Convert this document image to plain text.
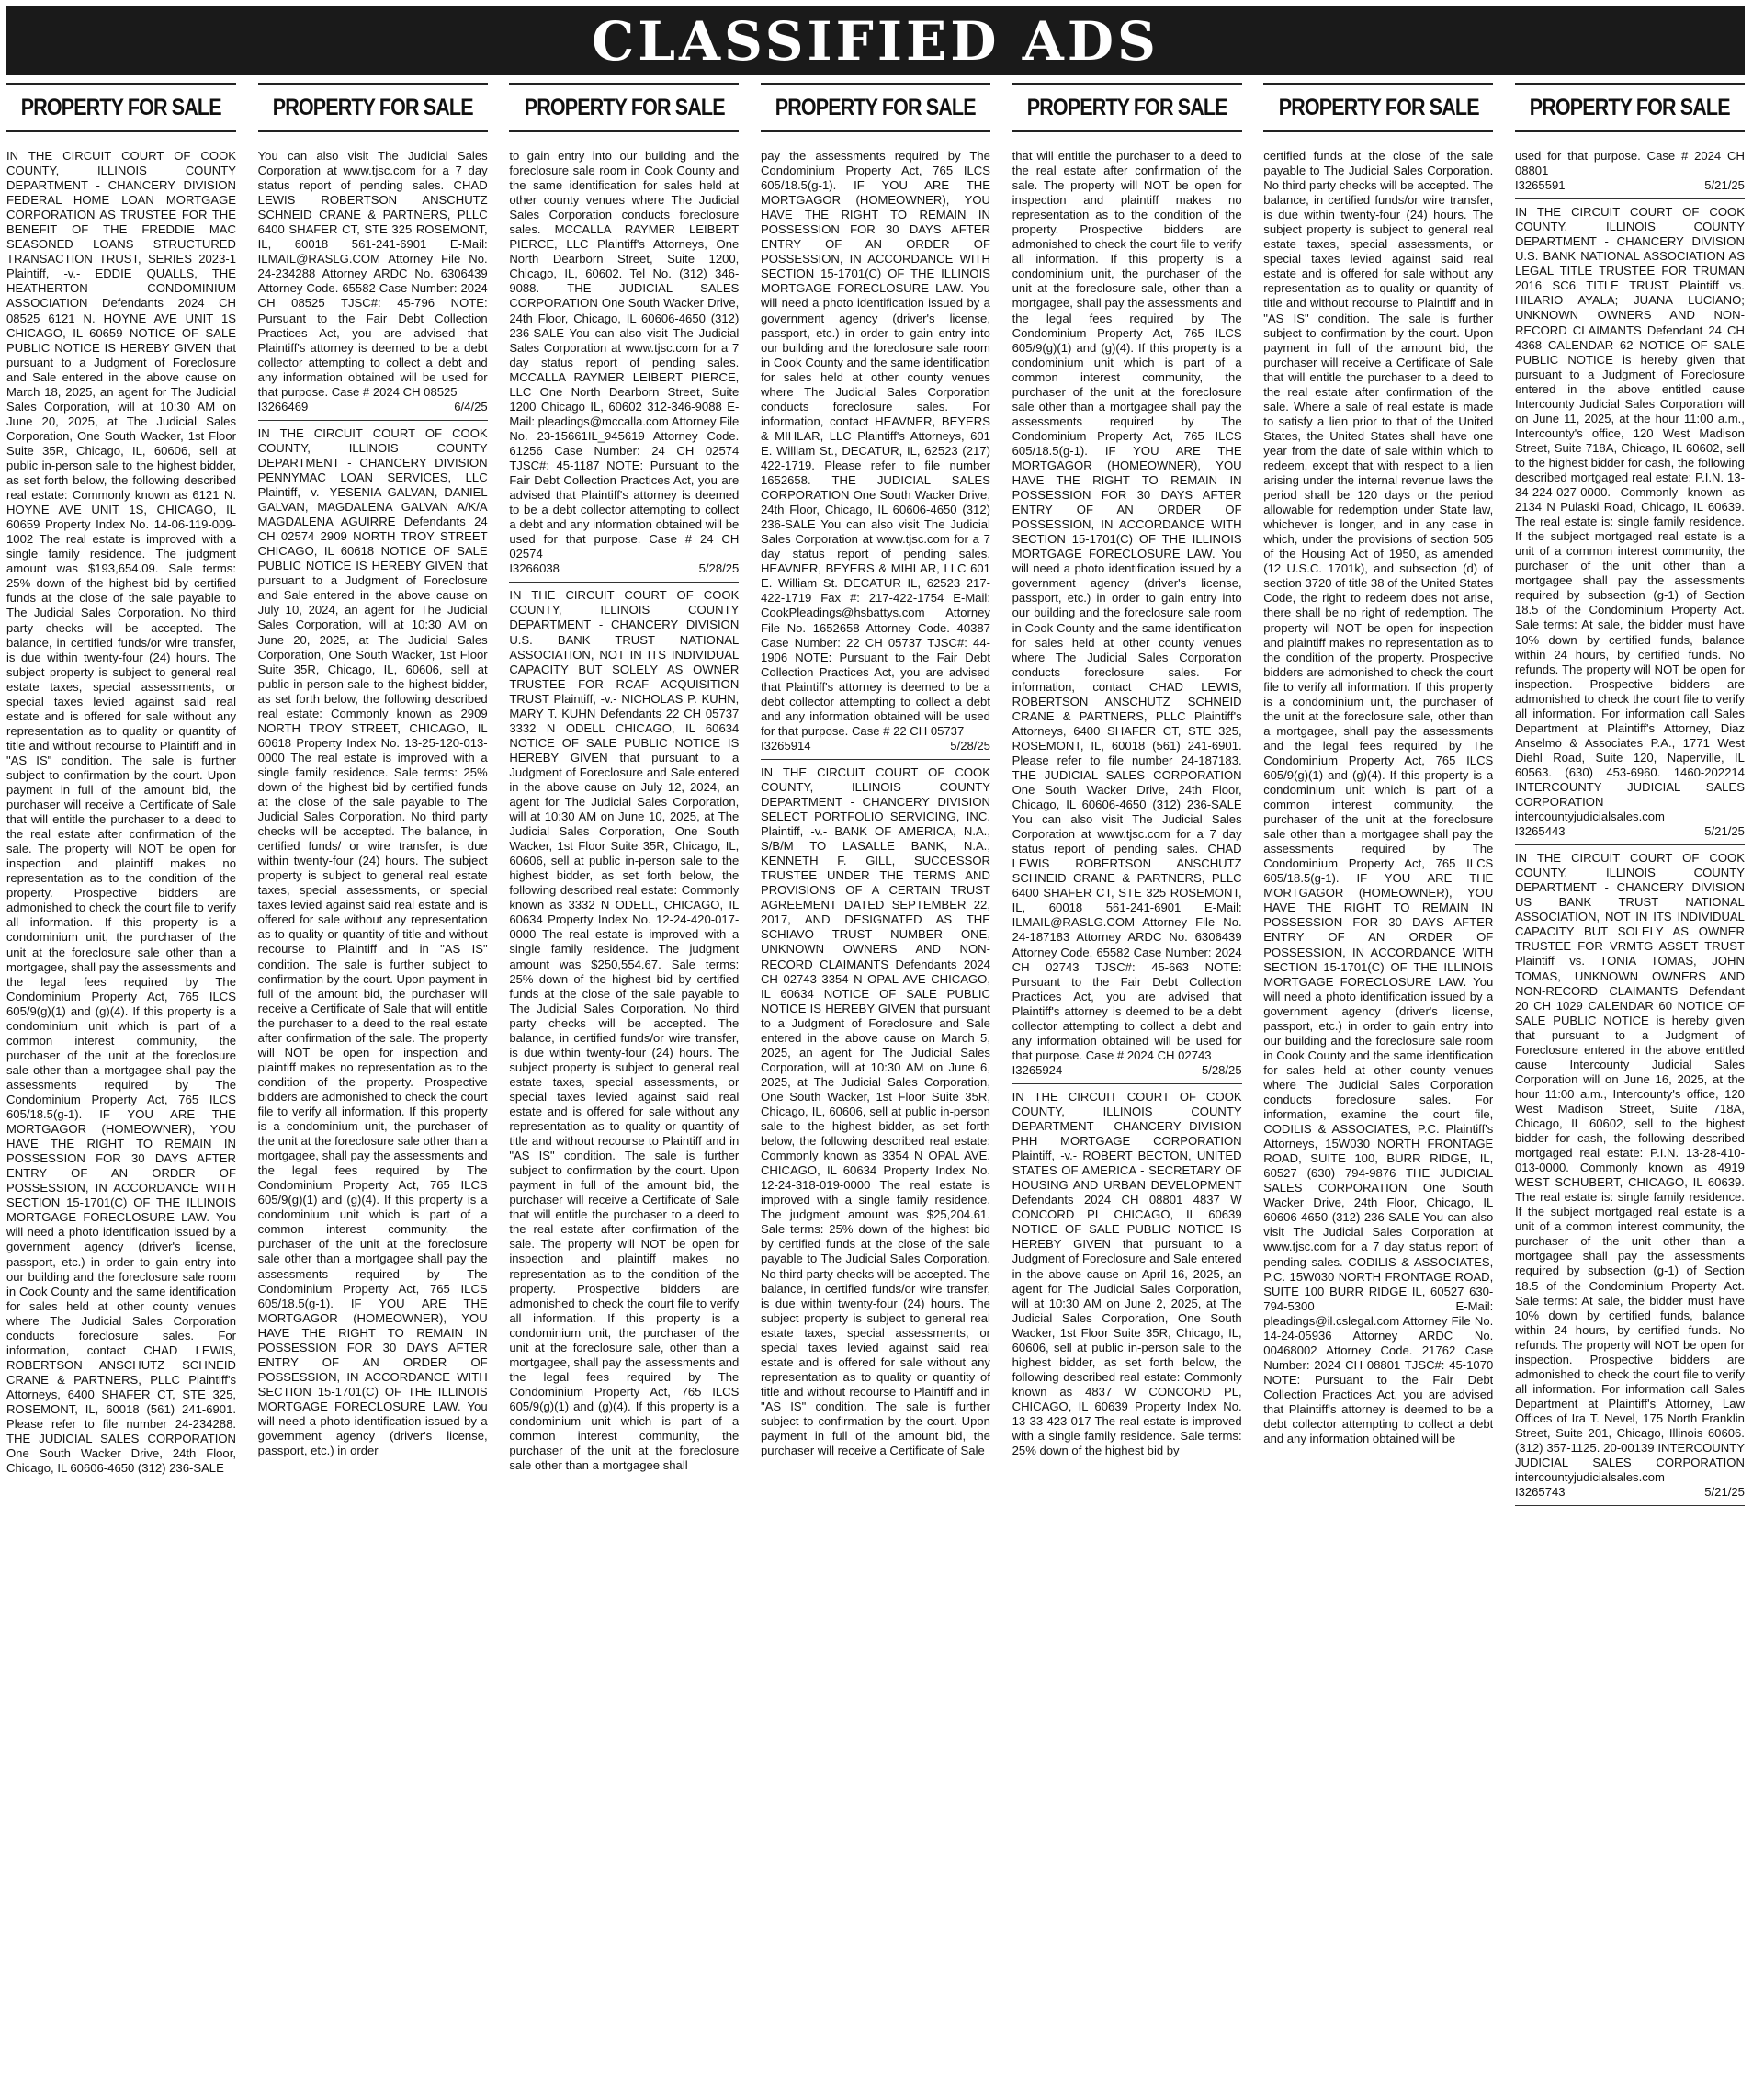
CLASSIFIED ADS
PROPERTY FOR SALE

IN THE CIRCUIT COURT OF COOK COUNTY, ILLINOIS COUNTY DEPARTMENT - CHANCERY DIVISION FEDERAL HOME LOAN MORTGAGE CORPORATION AS TRUSTEE FOR THE BENEFIT OF THE FREDDIE MAC SEASONED LOANS STRUCTURED TRANSACTION TRUST, SERIES 2023-1 Plaintiff, -v.- EDDIE QUALLS, THE HEATHERTON CONDOMINIUM ASSOCIATION Defendants 2024 CH 08525 6121 N. HOYNE AVE UNIT 1S CHICAGO, IL 60659 NOTICE OF SALE PUBLIC NOTICE IS HEREBY GIVEN that pursuant to a Judgment of Foreclosure and Sale entered in the above cause on March 18, 2025, an agent for The Judicial Sales Corporation, will at 10:30 AM on June 20, 2025, at The Judicial Sales Corporation, One South Wacker, 1st Floor Suite 35R, Chicago, IL, 60606, sell at public in-person sale to the highest bidder, as set forth below, the following described real estate: Commonly known as 6121 N. HOYNE AVE UNIT 1S, CHICAGO, IL 60659 Property Index No. 14-06-119-009-1002 The real estate is improved with a single family residence. The judgment amount was $193,654.09. Sale terms: 25% down of the highest bid by certified funds at the close of the sale payable to The Judicial Sales Corporation. No third party checks will be accepted. The balance, in certified funds/or wire transfer, is due within twenty-four (24) hours. The subject property is subject to general real estate taxes, special assessments, or special taxes levied against said real estate and is offered for sale without any representation as to quality or quantity of title and without recourse to Plaintiff and in "AS IS" condition. The sale is further subject to confirmation by the court. Upon payment in full of the amount bid, the purchaser will receive a Certificate of Sale that will entitle the purchaser to a deed to the real estate after confirmation of the sale. The property will NOT be open for inspection and plaintiff makes no representation as to the condition of the property. Prospective bidders are admonished to check the court file to verify all information. If this property is a condominium unit, the purchaser of the unit at the foreclosure sale other than a mortgagee, shall pay the assessments and the legal fees required by The Condominium Property Act, 765 ILCS 605/9(g)(1) and (g)(4). If this property is a condominium unit which is part of a common interest community, the purchaser of the unit at the foreclosure sale other than a mortgagee shall pay the assessments required by The Condominium Property Act, 765 ILCS 605/18.5(g-1). IF YOU ARE THE MORTGAGOR (HOMEOWNER), YOU HAVE THE RIGHT TO REMAIN IN POSSESSION FOR 30 DAYS AFTER ENTRY OF AN ORDER OF POSSESSION, IN ACCORDANCE WITH SECTION 15-1701(C) OF THE ILLINOIS MORTGAGE FORECLOSURE LAW. You will need a photo identification issued by a government agency (driver's license, passport, etc.) in order to gain entry into our building and the foreclosure sale room in Cook County and the same identification for sales held at other county venues where The Judicial Sales Corporation conducts foreclosure sales. For information, contact CHAD LEWIS, ROBERTSON ANSCHUTZ SCHNEID CRANE & PARTNERS, PLLC Plaintiff's Attorneys, 6400 SHAFER CT, STE 325, ROSEMONT, IL, 60018 (561) 241-6901. Please refer to file number 24-234288. THE JUDICIAL SALES CORPORATION One South Wacker Drive, 24th Floor, Chicago, IL 60606-4650 (312) 236-SALE

PROPERTY FOR SALE

You can also visit The Judicial Sales Corporation at www.tjsc.com for a 7 day status report of pending sales. CHAD LEWIS ROBERTSON ANSCHUTZ SCHNEID CRANE & PARTNERS, PLLC 6400 SHAFER CT, STE 325 ROSEMONT, IL, 60018 561-241-6901 E-Mail: ILMAIL@RASLG.COM Attorney File No. 24-234288 Attorney ARDC No. 6306439 Attorney Code. 65582 Case Number: 2024 CH 08525 TJSC#: 45-796 NOTE: Pursuant to the Fair Debt Collection Practices Act, you are advised that Plaintiff's attorney is deemed to be a debt collector attempting to collect a debt and any information obtained will be used for that purpose. Case # 2024 CH 08525

I3266469	6/4/25

IN THE CIRCUIT COURT OF COOK COUNTY, ILLINOIS COUNTY DEPARTMENT - CHANCERY DIVISION PENNYMAC LOAN SERVICES, LLC Plaintiff, -v.- YESENIA GALVAN, DANIEL GALVAN, MAGDALENA GALVAN A/K/A MAGDALENA AGUIRRE Defendants 24 CH 02574 2909 NORTH TROY STREET CHICAGO, IL 60618 NOTICE OF SALE PUBLIC NOTICE IS HEREBY GIVEN that pursuant to a Judgment of Foreclosure and Sale entered in the above cause on July 10, 2024, an agent for The Judicial Sales Corporation, will at 10:30 AM on June 20, 2025, at The Judicial Sales Corporation, One South Wacker, 1st Floor Suite 35R, Chicago, IL, 60606, sell at public in-person sale to the highest bidder, as set forth below, the following described real estate: Commonly known as 2909 NORTH TROY STREET, CHICAGO, IL 60618 Property Index No. 13-25-120-013-0000 The real estate is improved with a single family residence. Sale terms: 25% down of the highest bid by certified funds at the close of the sale payable to The Judicial Sales Corporation. No third party checks will be accepted. The balance, in certified funds/ or wire transfer, is due within twenty-four (24) hours. The subject property is subject to general real estate taxes, special assessments, or special taxes levied against said real estate and is offered for sale without any representation as to quality or quantity of title and without recourse to Plaintiff and in "AS IS" condition. The sale is further subject to confirmation by the court. Upon payment in full of the amount bid, the purchaser will receive a Certificate of Sale that will entitle the purchaser to a deed to the real estate after confirmation of the sale. The property will NOT be open for inspection and plaintiff makes no representation as to the condition of the property. Prospective bidders are admonished to check the court file to verify all information. If this property is a condominium unit, the purchaser of the unit at the foreclosure sale other than a mortgagee, shall pay the assessments and the legal fees required by The Condominium Property Act, 765 ILCS 605/9(g)(1) and (g)(4). If this property is a condominium unit which is part of a common interest community, the purchaser of the unit at the foreclosure sale other than a mortgagee shall pay the assessments required by The Condominium Property Act, 765 ILCS 605/18.5(g-1). IF YOU ARE THE MORTGAGOR (HOMEOWNER), YOU HAVE THE RIGHT TO REMAIN IN POSSESSION FOR 30 DAYS AFTER ENTRY OF AN ORDER OF POSSESSION, IN ACCORDANCE WITH SECTION 15-1701(C) OF THE ILLINOIS MORTGAGE FORECLOSURE LAW. You will need a photo identification issued by a government agency (driver's license, passport, etc.) in order

PROPERTY FOR SALE

to gain entry into our building and the foreclosure sale room in Cook County and the same identification for sales held at other county venues where The Judicial Sales Corporation conducts foreclosure sales. MCCALLA RAYMER LEIBERT PIERCE, LLC Plaintiff's Attorneys, One North Dearborn Street, Suite 1200, Chicago, IL, 60602. Tel No. (312) 346-9088. THE JUDICIAL SALES CORPORATION One South Wacker Drive, 24th Floor, Chicago, IL 60606-4650 (312) 236-SALE You can also visit The Judicial Sales Corporation at www.tjsc.com for a 7 day status report of pending sales. MCCALLA RAYMER LEIBERT PIERCE, LLC One North Dearborn Street, Suite 1200 Chicago IL, 60602 312-346-9088 E-Mail: pleadings@mccalla.com Attorney File No. 23-15661IL_945619 Attorney Code. 61256 Case Number: 24 CH 02574 TJSC#: 45-1187 NOTE: Pursuant to the Fair Debt Collection Practices Act, you are advised that Plaintiff's attorney is deemed to be a debt collector attempting to collect a debt and any information obtained will be used for that purpose. Case # 24 CH 02574

I3266038	5/28/25

IN THE CIRCUIT COURT OF COOK COUNTY, ILLINOIS COUNTY DEPARTMENT - CHANCERY DIVISION U.S. BANK TRUST NATIONAL ASSOCIATION, NOT IN ITS INDIVIDUAL CAPACITY BUT SOLELY AS OWNER TRUSTEE FOR RCAF ACQUISITION TRUST Plaintiff, -v.- NICHOLAS P. KUHN, MARY T. KUHN Defendants 22 CH 05737 3332 N ODELL CHICAGO, IL 60634 NOTICE OF SALE PUBLIC NOTICE IS HEREBY GIVEN that pursuant to a Judgment of Foreclosure and Sale entered in the above cause on July 12, 2024, an agent for The Judicial Sales Corporation, will at 10:30 AM on June 10, 2025, at The Judicial Sales Corporation, One South Wacker, 1st Floor Suite 35R, Chicago, IL, 60606, sell at public in-person sale to the highest bidder, as set forth below, the following described real estate: Commonly known as 3332 N ODELL, CHICAGO, IL 60634 Property Index No. 12-24-420-017-0000 The real estate is improved with a single family residence. The judgment amount was $250,554.67. Sale terms: 25% down of the highest bid by certified funds at the close of the sale payable to The Judicial Sales Corporation. No third party checks will be accepted. The balance, in certified funds/or wire transfer, is due within twenty-four (24) hours. The subject property is subject to general real estate taxes, special assessments, or special taxes levied against said real estate and is offered for sale without any representation as to quality or quantity of title and without recourse to Plaintiff and in "AS IS" condition. The sale is further subject to confirmation by the court. Upon payment in full of the amount bid, the purchaser will receive a Certificate of Sale that will entitle the purchaser to a deed to the real estate after confirmation of the sale. The property will NOT be open for inspection and plaintiff makes no representation as to the condition of the property. Prospective bidders are admonished to check the court file to verify all information. If this property is a condominium unit, the purchaser of the unit at the foreclosure sale, other than a mortgagee, shall pay the assessments and the legal fees required by The Condominium Property Act, 765 ILCS 605/9(g)(1) and (g)(4). If this property is a condominium unit which is part of a common interest community, the purchaser of the unit at the foreclosure sale other than a mortgagee shall

PROPERTY FOR SALE

pay the assessments required by The Condominium Property Act, 765 ILCS 605/18.5(g-1). IF YOU ARE THE MORTGAGOR (HOMEOWNER), YOU HAVE THE RIGHT TO REMAIN IN POSSESSION FOR 30 DAYS AFTER ENTRY OF AN ORDER OF POSSESSION, IN ACCORDANCE WITH SECTION 15-1701(C) OF THE ILLINOIS MORTGAGE FORECLOSURE LAW. You will need a photo identification issued by a government agency (driver's license, passport, etc.) in order to gain entry into our building and the foreclosure sale room in Cook County and the same identification for sales held at other county venues where The Judicial Sales Corporation conducts foreclosure sales. For information, contact HEAVNER, BEYERS & MIHLAR, LLC Plaintiff's Attorneys, 601 E. William St., DECATUR, IL, 62523 (217) 422-1719. Please refer to file number 1652658. THE JUDICIAL SALES CORPORATION One South Wacker Drive, 24th Floor, Chicago, IL 60606-4650 (312) 236-SALE You can also visit The Judicial Sales Corporation at www.tjsc.com for a 7 day status report of pending sales. HEAVNER, BEYERS & MIHLAR, LLC 601 E. William St. DECATUR IL, 62523 217-422-1719 Fax #: 217-422-1754 E-Mail: CookPleadings@hsbattys.com Attorney File No. 1652658 Attorney Code. 40387 Case Number: 22 CH 05737 TJSC#: 44-1906 NOTE: Pursuant to the Fair Debt Collection Practices Act, you are advised that Plaintiff's attorney is deemed to be a debt collector attempting to collect a debt and any information obtained will be used for that purpose. Case # 22 CH 05737

I3265914	5/28/25

IN THE CIRCUIT COURT OF COOK COUNTY, ILLINOIS COUNTY DEPARTMENT - CHANCERY DIVISION SELECT PORTFOLIO SERVICING, INC. Plaintiff, -v.- BANK OF AMERICA, N.A., S/B/M TO LASALLE BANK, N.A., KENNETH F. GILL, SUCCESSOR TRUSTEE UNDER THE TERMS AND PROVISIONS OF A CERTAIN TRUST AGREEMENT DATED SEPTEMBER 22, 2017, AND DESIGNATED AS THE SCHIAVO TRUST NUMBER ONE, UNKNOWN OWNERS AND NON-RECORD CLAIMANTS Defendants 2024 CH 02743 3354 N OPAL AVE CHICAGO, IL 60634 NOTICE OF SALE PUBLIC NOTICE IS HEREBY GIVEN that pursuant to a Judgment of Foreclosure and Sale entered in the above cause on March 5, 2025, an agent for The Judicial Sales Corporation, will at 10:30 AM on June 6, 2025, at The Judicial Sales Corporation, One South Wacker, 1st Floor Suite 35R, Chicago, IL, 60606, sell at public in-person sale to the highest bidder, as set forth below, the following described real estate: Commonly known as 3354 N OPAL AVE, CHICAGO, IL 60634 Property Index No. 12-24-318-019-0000 The real estate is improved with a single family residence. The judgment amount was $25,204.61. Sale terms: 25% down of the highest bid by certified funds at the close of the sale payable to The Judicial Sales Corporation. No third party checks will be accepted. The balance, in certified funds/or wire transfer, is due within twenty-four (24) hours. The subject property is subject to general real estate taxes, special assessments, or special taxes levied against said real estate and is offered for sale without any representation as to quality or quantity of title and without recourse to Plaintiff and in "AS IS" condition. The sale is further subject to confirmation by the court. Upon payment in full of the amount bid, the purchaser will receive a Certificate of Sale

PROPERTY FOR SALE

that will entitle the purchaser to a deed to the real estate after confirmation of the sale. The property will NOT be open for inspection and plaintiff makes no representation as to the condition of the property. Prospective bidders are admonished to check the court file to verify all information. If this property is a condominium unit, the purchaser of the unit at the foreclosure sale, other than a mortgagee, shall pay the assessments and the legal fees required by The Condominium Property Act, 765 ILCS 605/9(g)(1) and (g)(4). If this property is a condominium unit which is part of a common interest community, the purchaser of the unit at the foreclosure sale other than a mortgagee shall pay the assessments required by The Condominium Property Act, 765 ILCS 605/18.5(g-1). IF YOU ARE THE MORTGAGOR (HOMEOWNER), YOU HAVE THE RIGHT TO REMAIN IN POSSESSION FOR 30 DAYS AFTER ENTRY OF AN ORDER OF POSSESSION, IN ACCORDANCE WITH SECTION 15-1701(C) OF THE ILLINOIS MORTGAGE FORECLOSURE LAW. You will need a photo identification issued by a government agency (driver's license, passport, etc.) in order to gain entry into our building and the foreclosure sale room in Cook County and the same identification for sales held at other county venues where The Judicial Sales Corporation conducts foreclosure sales. For information, contact CHAD LEWIS, ROBERTSON ANSCHUTZ SCHNEID CRANE & PARTNERS, PLLC Plaintiff's Attorneys, 6400 SHAFER CT, STE 325, ROSEMONT, IL, 60018 (561) 241-6901. Please refer to file number 24-187183. THE JUDICIAL SALES CORPORATION One South Wacker Drive, 24th Floor, Chicago, IL 60606-4650 (312) 236-SALE You can also visit The Judicial Sales Corporation at www.tjsc.com for a 7 day status report of pending sales. CHAD LEWIS ROBERTSON ANSCHUTZ SCHNEID CRANE & PARTNERS, PLLC 6400 SHAFER CT, STE 325 ROSEMONT, IL, 60018 561-241-6901 E-Mail: ILMAIL@RASLG.COM Attorney File No. 24-187183 Attorney ARDC No. 6306439 Attorney Code. 65582 Case Number: 2024 CH 02743 TJSC#: 45-663 NOTE: Pursuant to the Fair Debt Collection Practices Act, you are advised that Plaintiff's attorney is deemed to be a debt collector attempting to collect a debt and any information obtained will be used for that purpose. Case # 2024 CH 02743

I3265924	5/28/25

IN THE CIRCUIT COURT OF COOK COUNTY, ILLINOIS COUNTY DEPARTMENT - CHANCERY DIVISION PHH MORTGAGE CORPORATION Plaintiff, -v.- ROBERT BECTON, UNITED STATES OF AMERICA - SECRETARY OF HOUSING AND URBAN DEVELOPMENT Defendants 2024 CH 08801 4837 W CONCORD PL CHICAGO, IL 60639 NOTICE OF SALE PUBLIC NOTICE IS HEREBY GIVEN that pursuant to a Judgment of Foreclosure and Sale entered in the above cause on April 16, 2025, an agent for The Judicial Sales Corporation, will at 10:30 AM on June 2, 2025, at The Judicial Sales Corporation, One South Wacker, 1st Floor Suite 35R, Chicago, IL, 60606, sell at public in-person sale to the highest bidder, as set forth below, the following described real estate: Commonly known as 4837 W CONCORD PL, CHICAGO, IL 60639 Property Index No. 13-33-423-017 The real estate is improved with a single family residence. Sale terms: 25% down of the highest bid by

PROPERTY FOR SALE

certified funds at the close of the sale payable to The Judicial Sales Corporation. No third party checks will be accepted. The balance, in certified funds/or wire transfer, is due within twenty-four (24) hours. The subject property is subject to general real estate taxes, special assessments, or special taxes levied against said real estate and is offered for sale without any representation as to quality or quantity of title and without recourse to Plaintiff and in "AS IS" condition. The sale is further subject to confirmation by the court. Upon payment in full of the amount bid, the purchaser will receive a Certificate of Sale that will entitle the purchaser to a deed to the real estate after confirmation of the sale. Where a sale of real estate is made to satisfy a lien prior to that of the United States, the United States shall have one year from the date of sale within which to redeem, except that with respect to a lien arising under the internal revenue laws the period shall be 120 days or the period allowable for redemption under State law, whichever is longer, and in any case in which, under the provisions of section 505 of the Housing Act of 1950, as amended (12 U.S.C. 1701k), and subsection (d) of section 3720 of title 38 of the United States Code, the right to redeem does not arise, there shall be no right of redemption. The property will NOT be open for inspection and plaintiff makes no representation as to the condition of the property. Prospective bidders are admonished to check the court file to verify all information. If this property is a condominium unit, the purchaser of the unit at the foreclosure sale, other than a mortgagee, shall pay the assessments and the legal fees required by The Condominium Property Act, 765 ILCS 605/9(g)(1) and (g)(4). If this property is a condominium unit which is part of a common interest community, the purchaser of the unit at the foreclosure sale other than a mortgagee shall pay the assessments required by The Condominium Property Act, 765 ILCS 605/18.5(g-1). IF YOU ARE THE MORTGAGOR (HOMEOWNER), YOU HAVE THE RIGHT TO REMAIN IN POSSESSION FOR 30 DAYS AFTER ENTRY OF AN ORDER OF POSSESSION, IN ACCORDANCE WITH SECTION 15-1701(C) OF THE ILLINOIS MORTGAGE FORECLOSURE LAW. You will need a photo identification issued by a government agency (driver's license, passport, etc.) in order to gain entry into our building and the foreclosure sale room in Cook County and the same identification for sales held at other county venues where The Judicial Sales Corporation conducts foreclosure sales. For information, examine the court file, CODILIS & ASSOCIATES, P.C. Plaintiff's Attorneys, 15W030 NORTH FRONTAGE ROAD, SUITE 100, BURR RIDGE, IL, 60527 (630) 794-9876 THE JUDICIAL SALES CORPORATION One South Wacker Drive, 24th Floor, Chicago, IL 60606-4650 (312) 236-SALE You can also visit The Judicial Sales Corporation at www.tjsc.com for a 7 day status report of pending sales. CODILIS & ASSOCIATES, P.C. 15W030 NORTH FRONTAGE ROAD, SUITE 100 BURR RIDGE IL, 60527 630-794-5300 E-Mail: pleadings@il.cslegal.com Attorney File No. 14-24-05936 Attorney ARDC No. 00468002 Attorney Code. 21762 Case Number: 2024 CH 08801 TJSC#: 45-1070 NOTE: Pursuant to the Fair Debt Collection Practices Act, you are advised that Plaintiff's attorney is deemed to be a debt collector attempting to collect a debt and any information obtained will be

PROPERTY FOR SALE

used for that purpose. Case # 2024 CH 08801

I3265591	5/21/25

IN THE CIRCUIT COURT OF COOK COUNTY, ILLINOIS COUNTY DEPARTMENT - CHANCERY DIVISION U.S. BANK NATIONAL ASSOCIATION AS LEGAL TITLE TRUSTEE FOR TRUMAN 2016 SC6 TITLE TRUST Plaintiff vs. HILARIO AYALA; JUANA LUCIANO; UNKNOWN OWNERS AND NON- RECORD CLAIMANTS Defendant 24 CH 4368 CALENDAR 62 NOTICE OF SALE PUBLIC NOTICE is hereby given that pursuant to a Judgment of Foreclosure entered in the above entitled cause Intercounty Judicial Sales Corporation will on June 11, 2025, at the hour 11:00 a.m., Intercounty's office, 120 West Madison Street, Suite 718A, Chicago, IL 60602, sell to the highest bidder for cash, the following described mortgaged real estate: P.I.N. 13-34-224-027-0000. Commonly known as 2134 N Pulaski Road, Chicago, IL 60639. The real estate is: single family residence. If the subject mortgaged real estate is a unit of a common interest community, the purchaser of the unit other than a mortgagee shall pay the assessments required by subsection (g-1) of Section 18.5 of the Condominium Property Act. Sale terms: At sale, the bidder must have 10% down by certified funds, balance within 24 hours, by certified funds. No refunds. The property will NOT be open for inspection. Prospective bidders are admonished to check the court file to verify all information. For information call Sales Department at Plaintiff's Attorney, Diaz Anselmo & Associates P.A., 1771 West Diehl Road, Suite 120, Naperville, IL 60563. (630) 453-6960. 1460-202214 INTERCOUNTY JUDICIAL SALES CORPORATION intercountyjudicialsales.com

I3265443	5/21/25

IN THE CIRCUIT COURT OF COOK COUNTY, ILLINOIS COUNTY DEPARTMENT - CHANCERY DIVISION US BANK TRUST NATIONAL ASSOCIATION, NOT IN ITS INDIVIDUAL CAPACITY BUT SOLELY AS OWNER TRUSTEE FOR VRMTG ASSET TRUST Plaintiff vs. TONIA TOMAS, JOHN TOMAS, UNKNOWN OWNERS AND NON-RECORD CLAIMANTS Defendant 20 CH 1029 CALENDAR 60 NOTICE OF SALE PUBLIC NOTICE is hereby given that pursuant to a Judgment of Foreclosure entered in the above entitled cause Intercounty Judicial Sales Corporation will on June 16, 2025, at the hour 11:00 a.m., Intercounty's office, 120 West Madison Street, Suite 718A, Chicago, IL 60602, sell to the highest bidder for cash, the following described mortgaged real estate: P.I.N. 13-28-410-013-0000. Commonly known as 4919 WEST SCHUBERT, CHICAGO, IL 60639. The real estate is: single family residence. If the subject mortgaged real estate is a unit of a common interest community, the purchaser of the unit other than a mortgagee shall pay the assessments required by subsection (g-1) of Section 18.5 of the Condominium Property Act. Sale terms: At sale, the bidder must have 10% down by certified funds, balance within 24 hours, by certified funds. No refunds. The property will NOT be open for inspection. Prospective bidders are admonished to check the court file to verify all information. For information call Sales Department at Plaintiff's Attorney, Law Offices of Ira T. Nevel, 175 North Franklin Street, Suite 201, Chicago, Illinois 60606. (312) 357-1125. 20-00139 INTERCOUNTY JUDICIAL SALES CORPORATION intercountyjudicialsales.com

I3265743	5/21/25
